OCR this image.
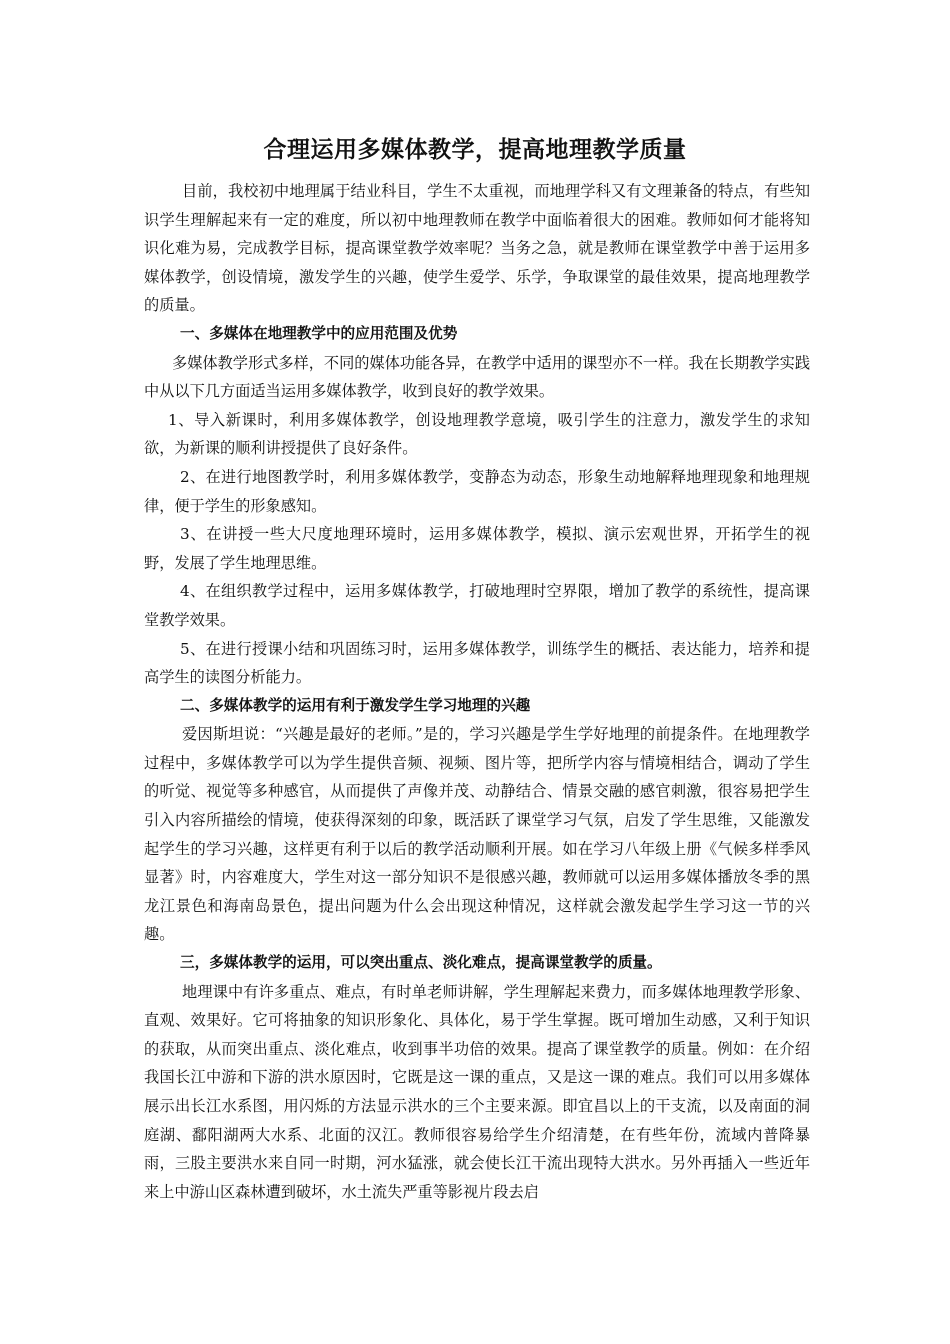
合理运用多媒体教学，提高地理教学质量

目前，我校初中地理属于结业科目，学生不太重视，而地理学科又有文理兼备的特点，有些知识学生理解起来有一定的难度，所以初中地理教师在教学中面临着很大的困难。教师如何才能将知识化难为易，完成教学目标，提高课堂教学效率呢？当务之急，就是教师在课堂教学中善于运用多媒体教学，创设情境，激发学生的兴趣，使学生爱学、乐学，争取课堂的最佳效果，提高地理教学的质量。

一、多媒体在地理教学中的应用范围及优势

多媒体教学形式多样，不同的媒体功能各异，在教学中适用的课型亦不一样。我在长期教学实践中从以下几方面适当运用多媒体教学，收到良好的教学效果。

1、导入新课时，利用多媒体教学，创设地理教学意境，吸引学生的注意力，激发学生的求知欲，为新课的顺利讲授提供了良好条件。

2、在进行地图教学时，利用多媒体教学，变静态为动态，形象生动地解释地理现象和地理规律，便于学生的形象感知。

3、在讲授一些大尺度地理环境时，运用多媒体教学，模拟、演示宏观世界，开拓学生的视野，发展了学生地理思维。

4、在组织教学过程中，运用多媒体教学，打破地理时空界限，增加了教学的系统性，提高课堂教学效果。

5、在进行授课小结和巩固练习时，运用多媒体教学，训练学生的概括、表达能力，培养和提高学生的读图分析能力。

二、多媒体教学的运用有利于激发学生学习地理的兴趣

爱因斯坦说：“兴趣是最好的老师。”是的，学习兴趣是学生学好地理的前提条件。在地理教学过程中，多媒体教学可以为学生提供音频、视频、图片等，把所学内容与情境相结合，调动了学生的听觉、视觉等多种感官，从而提供了声像并茂、动静结合、情景交融的感官刺激，很容易把学生引入内容所描绘的情境，使获得深刻的印象，既活跃了课堂学习气氛，启发了学生思维，又能激发起学生的学习兴趣，这样更有利于以后的教学活动顺利开展。如在学习八年级上册《气候多样季风显著》时，内容难度大，学生对这一部分知识不是很感兴趣，教师就可以运用多媒体播放冬季的黑龙江景色和海南岛景色，提出问题为什么会出现这种情况，这样就会激发起学生学习这一节的兴趣。

三，多媒体教学的运用，可以突出重点、淡化难点，提高课堂教学的质量。

地理课中有许多重点、难点，有时单老师讲解，学生理解起来费力，而多媒体地理教学形象、直观、效果好。它可将抽象的知识形象化、具体化，易于学生掌握。既可增加生动感，又利于知识的获取，从而突出重点、淡化难点，收到事半功倍的效果。提高了课堂教学的质量。例如：在介绍我国长江中游和下游的洪水原因时，它既是这一课的重点，又是这一课的难点。我们可以用多媒体展示出长江水系图，用闪烁的方法显示洪水的三个主要来源。即宜昌以上的干支流，以及南面的洞庭湖、鄱阳湖两大水系、北面的汉江。教师很容易给学生介绍清楚，在有些年份，流域内普降暴雨，三股主要洪水来自同一时期，河水猛涨，就会使长江干流出现特大洪水。另外再插入一些近年来上中游山区森林遭到破坏，水土流失严重等影视片段去启
